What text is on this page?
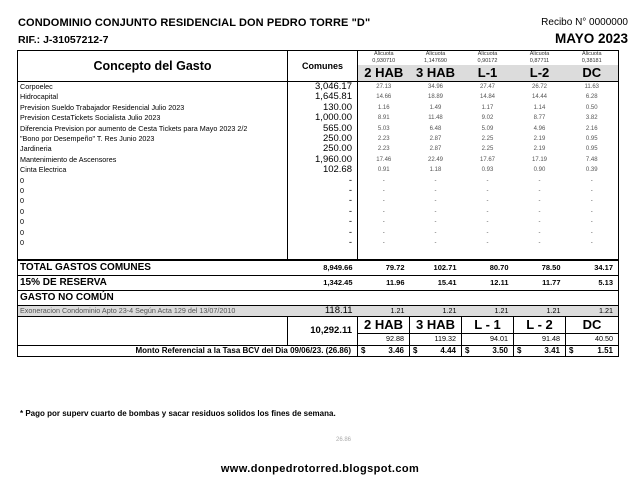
CONDOMINIO CONJUNTO RESIDENCIAL DON PEDRO TORRE "D"
RIF.: J-31057212-7
Recibo N° 0000000
MAYO 2023
Concepto del Gasto	Comunes	Alicuota	Alicuota	Alicuota	Alicuota	Alicuota
		0,930710	1,147690	0,90172	0,87711	0,38181
		2 HAB	3 HAB	L-1	L-2	DC
Corpoelec	3,046.17	27.13	34.96	27.47	26.72	11.63
Hidrocapital	1,645.81	14.66	18.89	14.84	14.44	6.28
Prevision Sueldo Trabajador Residencial Julio 2023	130.00	1.16	1.49	1.17	1.14	0.50
Prevision CestaTickets Socialista Julio 2023	1,000.00	8.91	11.48	9.02	8.77	3.82
Diferencia Prevision por aumento de Cesta Tickets para Mayo 2023 2/2	565.00	5.03	6.48	5.09	4.96	2.16
"Bono por Desempeño" T. Res Junio 2023	250.00	2.23	2.87	2.25	2.19	0.95
Jardineria	250.00	2.23	2.87	2.25	2.19	0.95
Mantenimiento de Ascensores	1,960.00	17.46	22.49	17.67	17.19	7.48
Cinta Electrica	102.68	0.91	1.18	0.93	0.90	0.39
0	-	-	-	-	-	-
0	-	-	-	-	-	-
0	-	-	-	-	-	-
0	-	-	-	-	-	-
0	-	-	-	-	-	-
0	-	-	-	-	-	-
0	-	-	-	-	-	-

TOTAL GASTOS COMUNES	8,949.66	79.72	102.71	80.70	78.50	34.17
15% DE RESERVA	1,342.45	11.96	15.41	12.11	11.77	5.13
GASTO NO COMÚN						
Exoneracion Condominio Apto 23-4 Según Acta 129 del 13/07/2010	118.11	1.21	1.21	1.21	1.21	1.21
	10,292.11	2 HAB	3 HAB	L - 1	L - 2	DC
		92.88	119.32	94.01	91.48	40.50

Monto Referencial a la Tasa BCV del Dia 09/06/23. (26.86)		$ 3.46	$ 4.44	$ 3.50	$ 3.41	$ 1.51
* Pago por superv cuarto de bombas y sacar residuos solidos los fines de semana.
26.86
www.donpedrotorred.blogspot.com
